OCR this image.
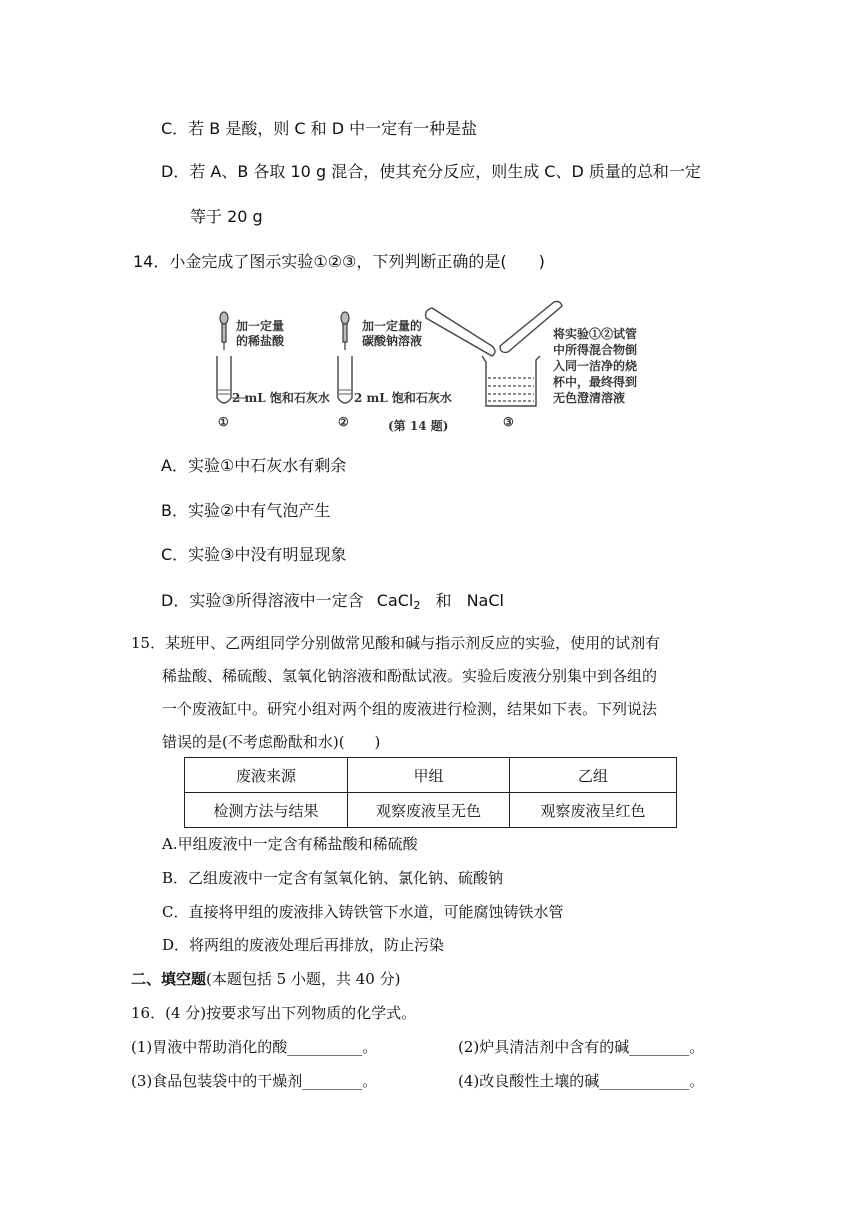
C．若 B 是酸，则 C 和 D 中一定有一种是盐
D．若 A、B 各取 10 g 混合，使其充分反应，则生成 C、D 质量的总和一定
等于 20 g
14．小金完成了图示实验①②③，下列判断正确的是(　　)
加一定量
的稀盐酸
2 mL 饱和石灰水
①
加一定量的
碳酸钠溶液
2 mL 饱和石灰水
②	(第 14 题)	③
将实验①②试管
中所得混合物倒
入同一洁净的烧
杯中，最终得到
无色澄清溶液
A．实验①中石灰水有剩余
B．实验②中有气泡产生
C．实验③中没有明显现象
D．实验③所得溶液中一定含 CaCl$_2$ 和 NaCl
15．某班甲、乙两组同学分别做常见酸和碱与指示剂反应的实验，使用的试剂有
稀盐酸、稀硫酸、氢氧化钠溶液和酚酞试液。实验后废液分别集中到各组的
一个废液缸中。研究小组对两个组的废液进行检测，结果如下表。下列说法
错误的是(不考虑酚酞和水)(　　)
废液来源	甲组	乙组
检测方法与结果	观察废液呈无色	观察废液呈红色
A.甲组废液中一定含有稀盐酸和稀硫酸
B．乙组废液中一定含有氢氧化钠、氯化钠、硫酸钠
C．直接将甲组的废液排入铸铁管下水道，可能腐蚀铸铁水管
D．将两组的废液处理后再排放，防止污染
二、填空题(本题包括 5 小题，共 40 分)
16．(4 分)按要求写出下列物质的化学式。
(1)胃液中帮助消化的酸__________。	(2)炉具清洁剂中含有的碱________。
(3)食品包装袋中的干燥剂________。	(4)改良酸性土壤的碱____________。
